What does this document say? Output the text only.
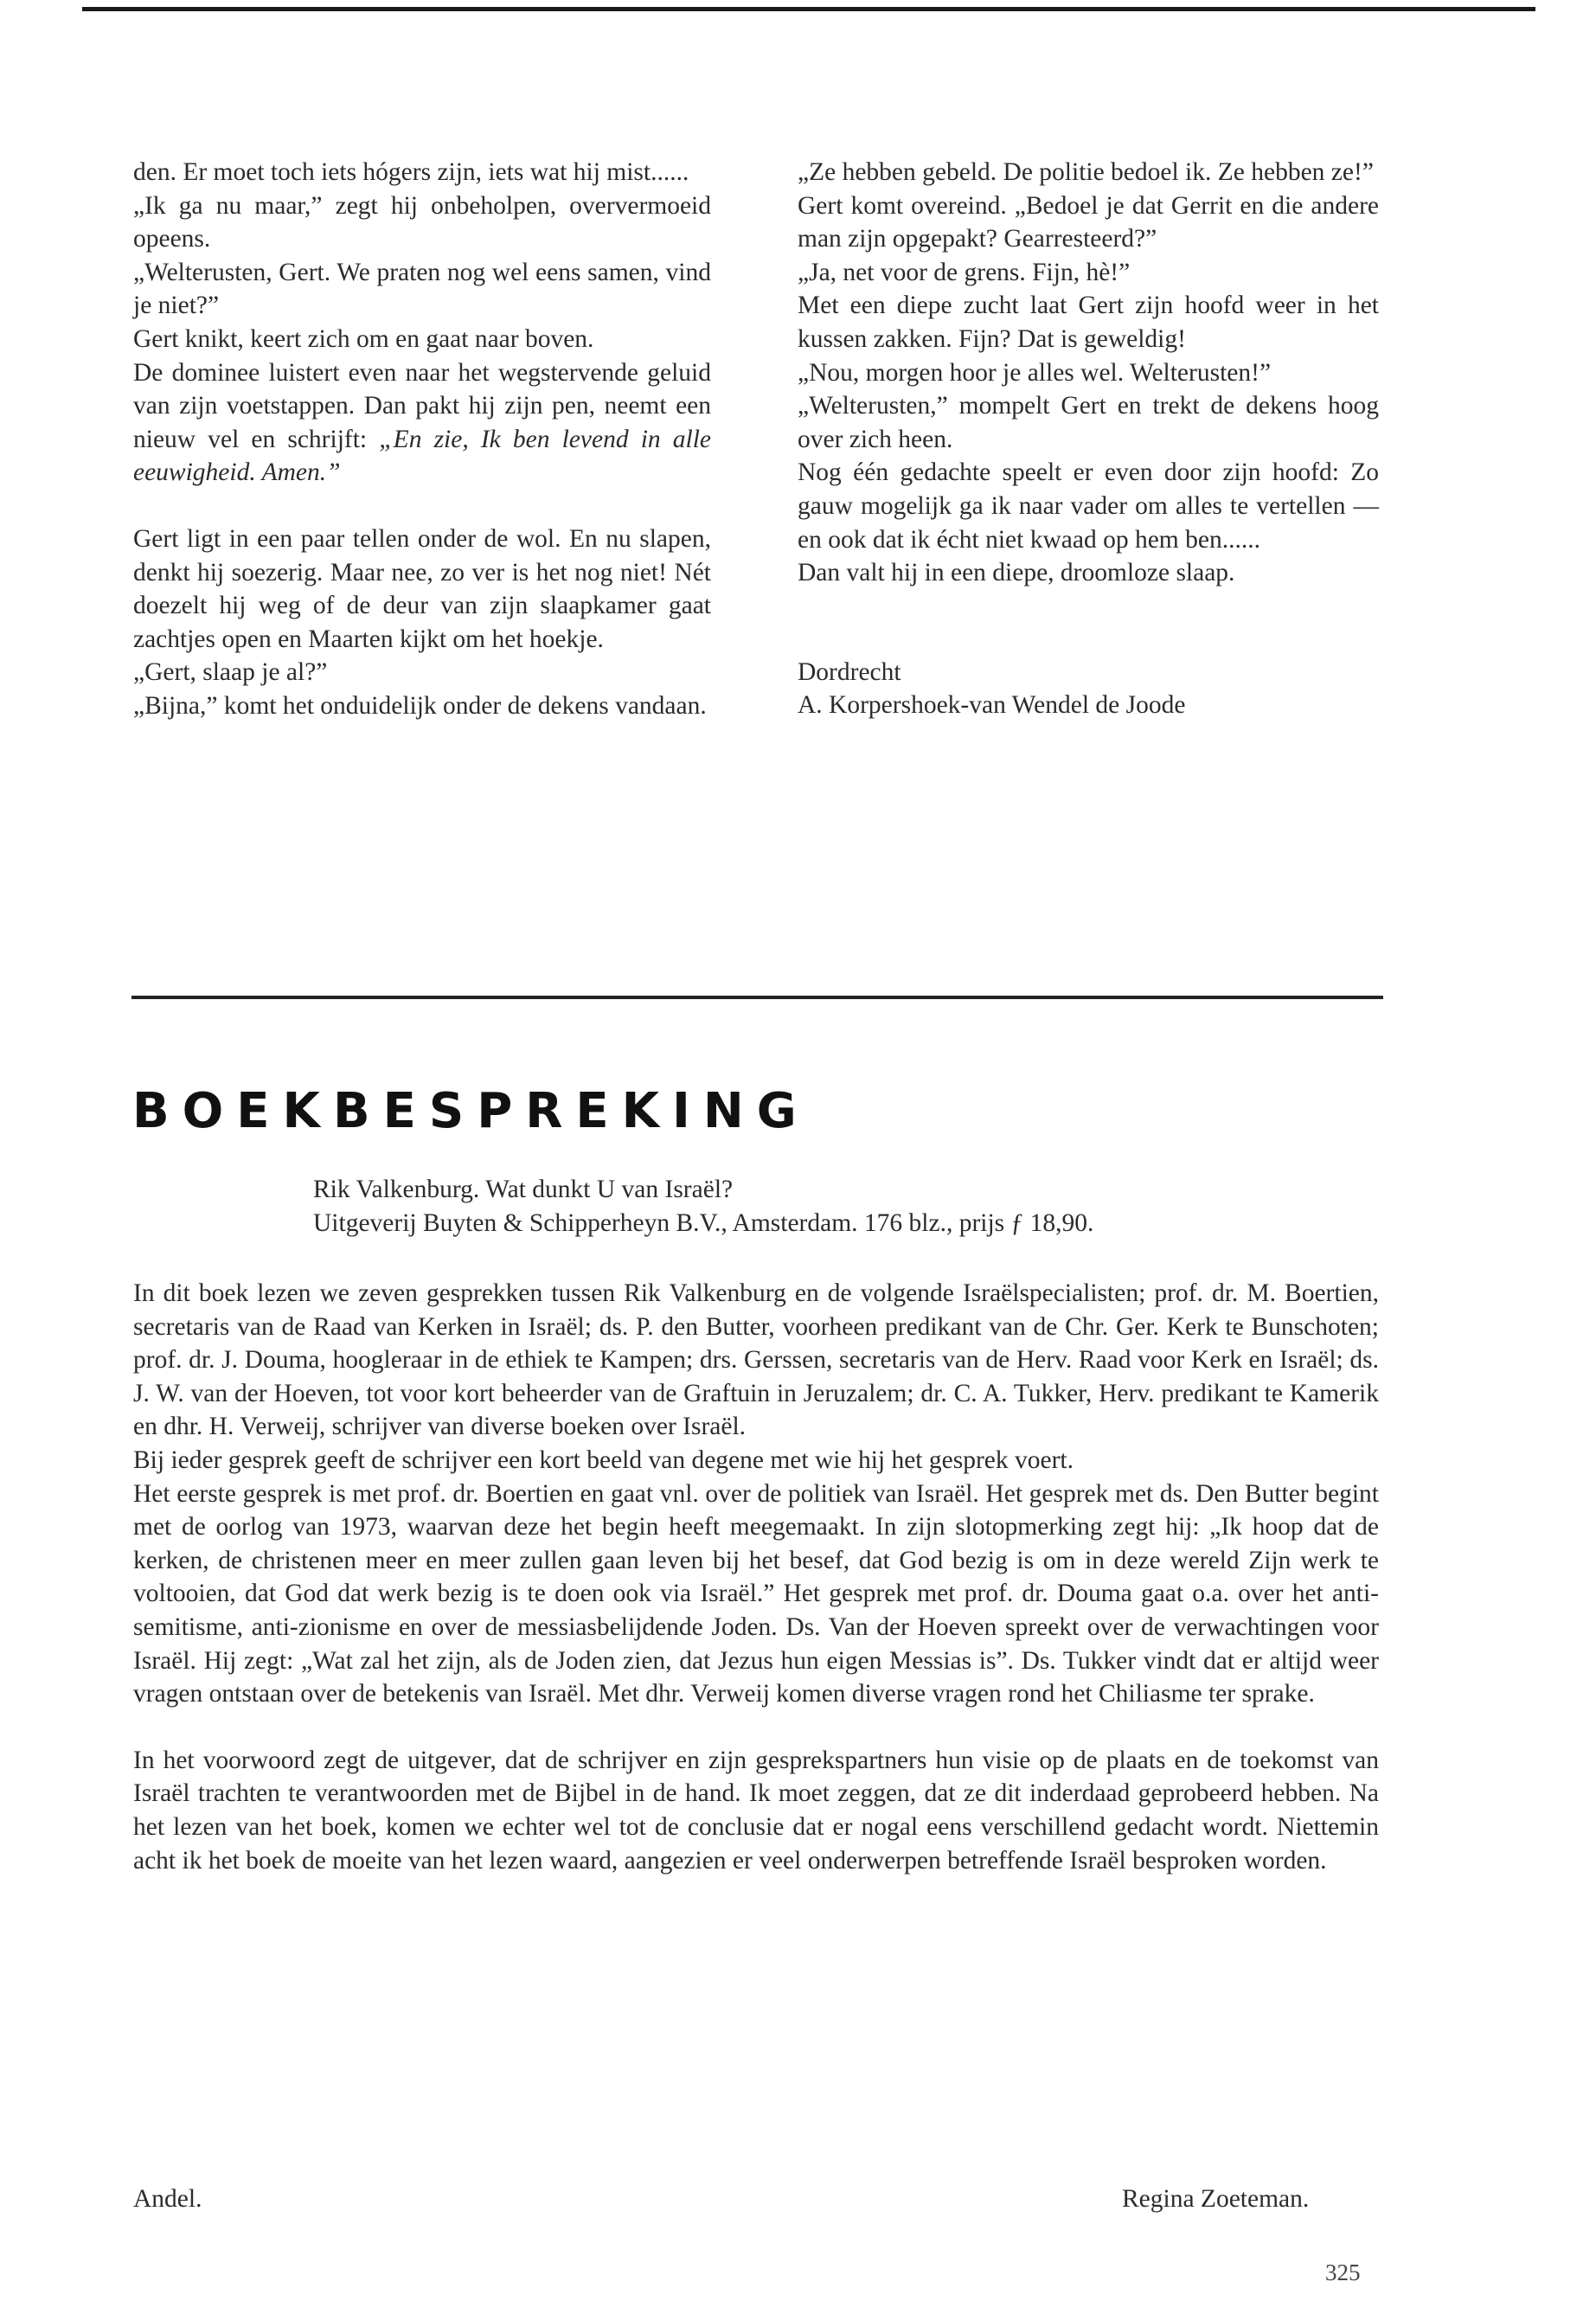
den. Er moet toch iets hógers zijn, iets wat hij mist......

„Ik ga nu maar,” zegt hij onbeholpen, oververmoeid opeens.

„Welterusten, Gert. We praten nog wel eens samen, vind je niet?”

Gert knikt, keert zich om en gaat naar boven.

De dominee luistert even naar het wegstervende geluid van zijn voetstappen. Dan pakt hij zijn pen, neemt een nieuw vel en schrijft: „En zie, Ik ben levend in alle eeuwigheid. Amen.”

Gert ligt in een paar tellen onder de wol. En nu slapen, denkt hij soezerig. Maar nee, zo ver is het nog niet! Nét doezelt hij weg of de deur van zijn slaapkamer gaat zachtjes open en Maarten kijkt om het hoekje.

„Gert, slaap je al?”

„Bijna,” komt het onduidelijk onder de dekens vandaan.

„Ze hebben gebeld. De politie bedoel ik. Ze hebben ze!”

Gert komt overeind. „Bedoel je dat Gerrit en die andere man zijn opgepakt? Gearresteerd?”

„Ja, net voor de grens. Fijn, hè!”

Met een diepe zucht laat Gert zijn hoofd weer in het kussen zakken. Fijn? Dat is geweldig!

„Nou, morgen hoor je alles wel. Welterusten!”

„Welterusten,” mompelt Gert en trekt de dekens hoog over zich heen.

Nog één gedachte speelt er even door zijn hoofd: Zo gauw mogelijk ga ik naar vader om alles te vertellen — en ook dat ik écht niet kwaad op hem ben......

Dan valt hij in een diepe, droomloze slaap.

Dordrecht

A. Korpershoek-van Wendel de Joode

BOEKBESPREKING

Rik Valkenburg. Wat dunkt U van Israël?

Uitgeverij Buyten & Schipperheyn B.V., Amsterdam. 176 blz., prijs ƒ 18,90.

In dit boek lezen we zeven gesprekken tussen Rik Valkenburg en de volgende Israëlspecialisten; prof. dr. M. Boertien, secretaris van de Raad van Kerken in Israël; ds. P. den Butter, voorheen predikant van de Chr. Ger. Kerk te Bunschoten; prof. dr. J. Douma, hoogleraar in de ethiek te Kampen; drs. Gerssen, secretaris van de Herv. Raad voor Kerk en Israël; ds. J. W. van der Hoeven, tot voor kort beheerder van de Graftuin in Jeruzalem; dr. C. A. Tukker, Herv. predikant te Kamerik en dhr. H. Verweij, schrijver van diverse boeken over Israël.

Bij ieder gesprek geeft de schrijver een kort beeld van degene met wie hij het gesprek voert.

Het eerste gesprek is met prof. dr. Boertien en gaat vnl. over de politiek van Israël. Het gesprek met ds. Den Butter begint met de oorlog van 1973, waarvan deze het begin heeft meegemaakt. In zijn slotopmerking zegt hij: „Ik hoop dat de kerken, de christenen meer en meer zullen gaan leven bij het besef, dat God bezig is om in deze wereld Zijn werk te voltooien, dat God dat werk bezig is te doen ook via Israël.” Het gesprek met prof. dr. Douma gaat o.a. over het anti-semitisme, anti-zionisme en over de messiasbelijdende Joden. Ds. Van der Hoeven spreekt over de verwachtingen voor Israël. Hij zegt: „Wat zal het zijn, als de Joden zien, dat Jezus hun eigen Messias is”. Ds. Tukker vindt dat er altijd weer vragen ontstaan over de betekenis van Israël. Met dhr. Verweij komen diverse vragen rond het Chiliasme ter sprake.

In het voorwoord zegt de uitgever, dat de schrijver en zijn gesprekspartners hun visie op de plaats en de toekomst van Israël trachten te verantwoorden met de Bijbel in de hand. Ik moet zeggen, dat ze dit inderdaad geprobeerd hebben. Na het lezen van het boek, komen we echter wel tot de conclusie dat er nogal eens verschillend gedacht wordt. Niettemin acht ik het boek de moeite van het lezen waard, aangezien er veel onderwerpen betreffende Israël besproken worden.

Andel.	Regina Zoeteman.
325
